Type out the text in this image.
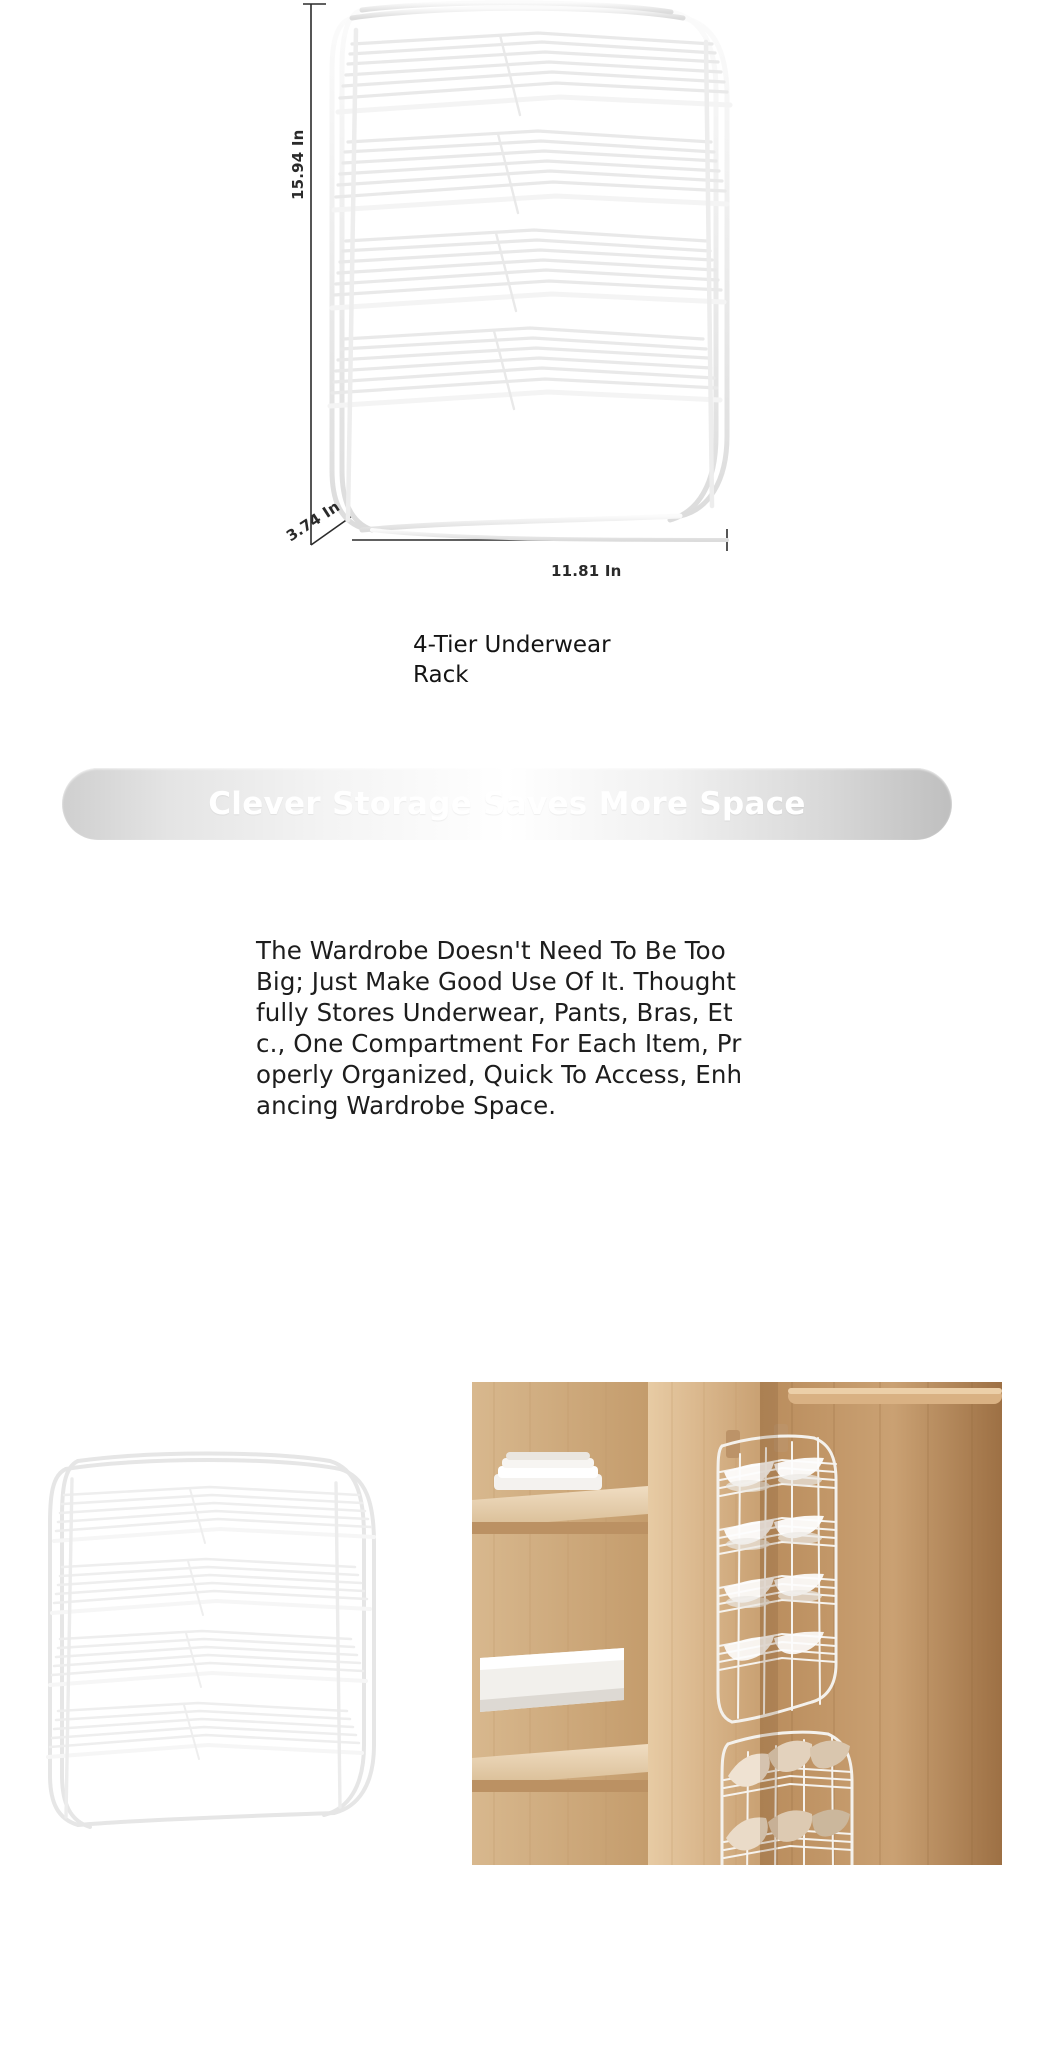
15.94 In
3.74 In
11.81 In
4-Tier Underwear Rack
Clever Storage Saves More Space

The Wardrobe Doesn't Need To Be Too Big; Just Make Good Use Of It. Thoughtfully Stores Underwear, Pants, Bras, Etc., One Compartment For Each Item, Properly Organized, Quick To Access, Enhancing Wardrobe Space.
